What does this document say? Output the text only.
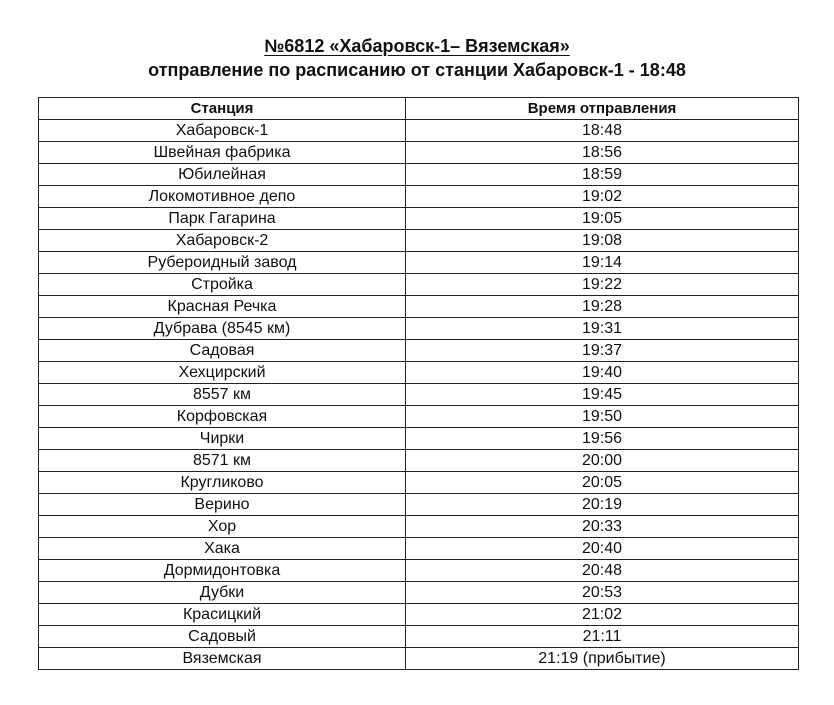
№6812 «Хабаровск-1– Вяземская»
отправление по расписанию от станции Хабаровск-1 - 18:48
Станция	Время отправления
Хабаровск-1	18:48
Швейная фабрика	18:56
Юбилейная	18:59
Локомотивное депо	19:02
Парк Гагарина	19:05
Хабаровск-2	19:08
Рубероидный завод	19:14
Стройка	19:22
Красная Речка	19:28
Дубрава (8545 км)	19:31
Садовая	19:37
Хехцирский	19:40
8557 км	19:45
Корфовская	19:50
Чирки	19:56
8571 км	20:00
Кругликово	20:05
Верино	20:19
Хор	20:33
Хака	20:40
Дормидонтовка	20:48
Дубки	20:53
Красицкий	21:02
Садовый	21:11
Вяземская	21:19 (прибытие)
